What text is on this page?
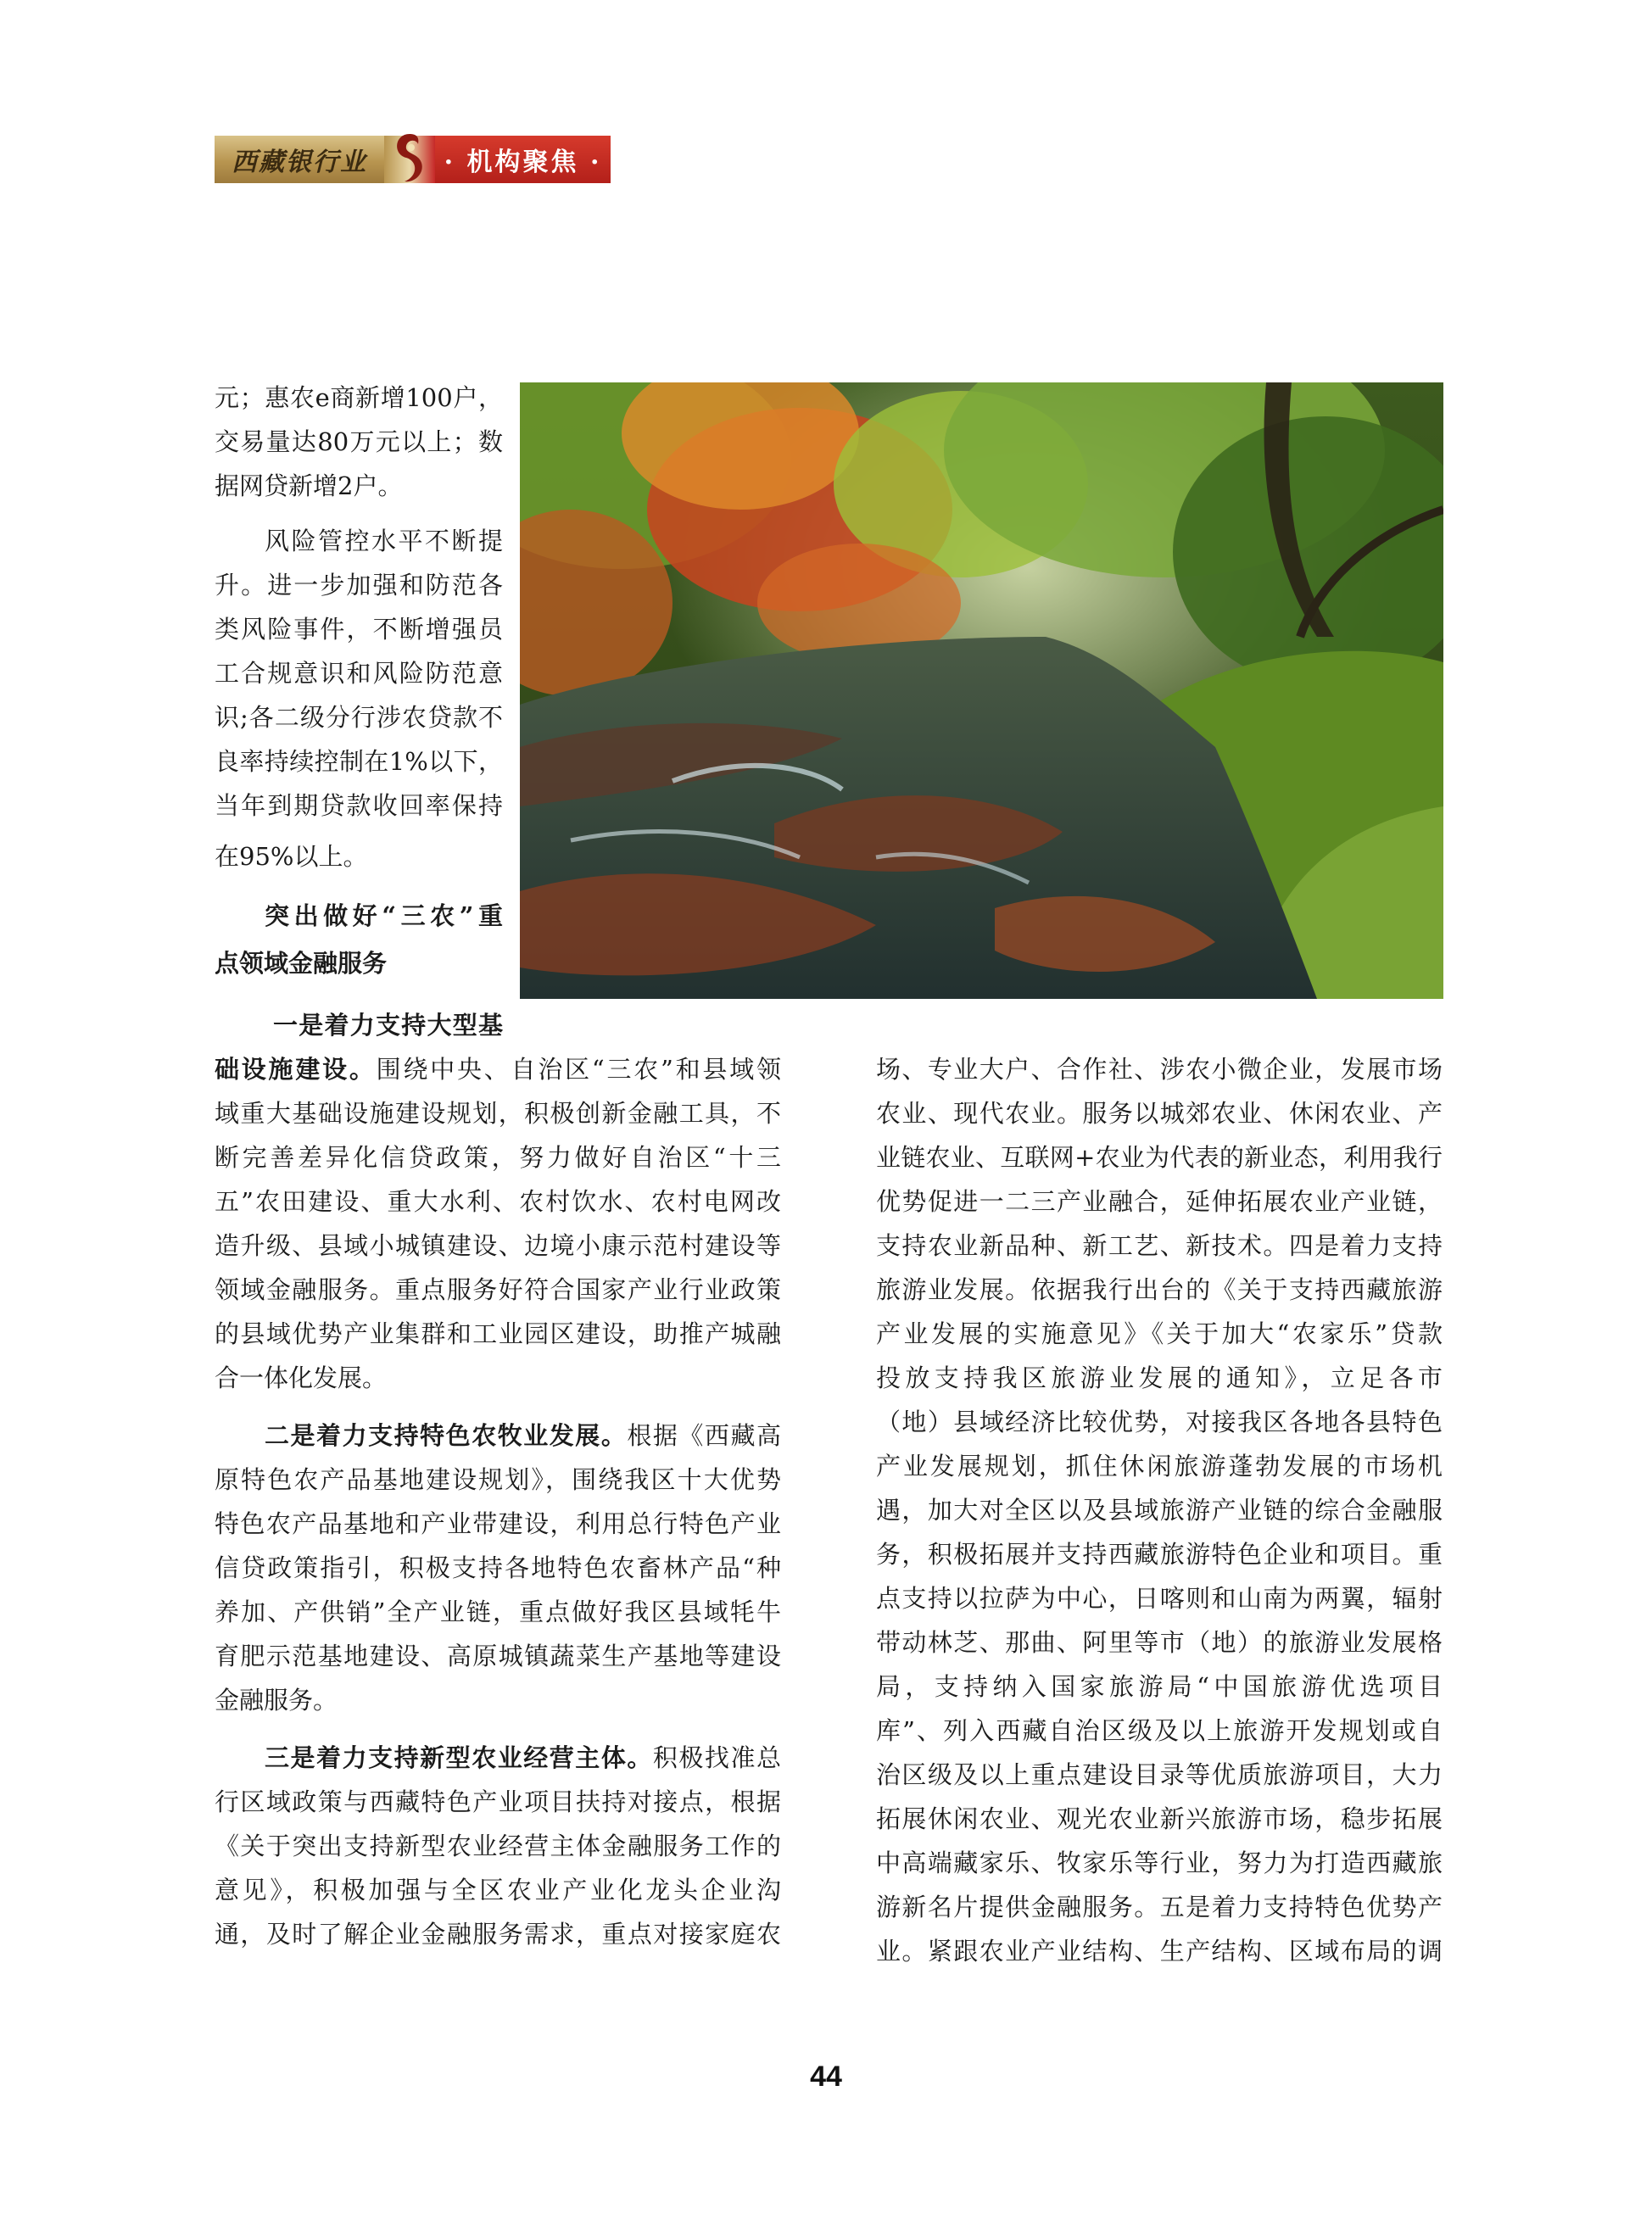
西藏银行业	· 机构聚焦 ·

元；惠农e商新增100户，

交易量达80万元以上；数

据网贷新增2户。

风险管控水平不断提

升。进一步加强和防范各

类风险事件，不断增强员

工合规意识和风险防范意

识;各二级分行涉农贷款不

良率持续控制在1%以下，

当年到期贷款收回率保持

在95%以上。

突出做好“三农”重

点领域金融服务

一是着力支持大型基

础设施建设。围绕中央、自治区“三农”和县域领

域重大基础设施建设规划，积极创新金融工具，不

断完善差异化信贷政策，努力做好自治区“十三

五”农田建设、重大水利、农村饮水、农村电网改

造升级、县域小城镇建设、边境小康示范村建设等

领域金融服务。重点服务好符合国家产业行业政策

的县域优势产业集群和工业园区建设，助推产城融

合一体化发展。

二是着力支持特色农牧业发展。根据《西藏高

原特色农产品基地建设规划》，围绕我区十大优势

特色农产品基地和产业带建设，利用总行特色产业

信贷政策指引，积极支持各地特色农畜林产品“种

养加、产供销”全产业链，重点做好我区县域牦牛

育肥示范基地建设、高原城镇蔬菜生产基地等建设

金融服务。

三是着力支持新型农业经营主体。积极找准总

行区域政策与西藏特色产业项目扶持对接点，根据

《关于突出支持新型农业经营主体金融服务工作的

意见》，积极加强与全区农业产业化龙头企业沟

通，及时了解企业金融服务需求，重点对接家庭农

场、专业大户、合作社、涉农小微企业，发展市场

农业、现代农业。服务以城郊农业、休闲农业、产

业链农业、互联网+农业为代表的新业态，利用我行

优势促进一二三产业融合，延伸拓展农业产业链，

支持农业新品种、新工艺、新技术。四是着力支持

旅游业发展。依据我行出台的《关于支持西藏旅游

产业发展的实施意见》《关于加大“农家乐”贷款

投放支持我区旅游业发展的通知》，立足各市

（地）县域经济比较优势，对接我区各地各县特色

产业发展规划，抓住休闲旅游蓬勃发展的市场机

遇，加大对全区以及县域旅游产业链的综合金融服

务，积极拓展并支持西藏旅游特色企业和项目。重

点支持以拉萨为中心，日喀则和山南为两翼，辐射

带动林芝、那曲、阿里等市（地）的旅游业发展格

局，支持纳入国家旅游局“中国旅游优选项目

库”、列入西藏自治区级及以上旅游开发规划或自

治区级及以上重点建设目录等优质旅游项目，大力

拓展休闲农业、观光农业新兴旅游市场，稳步拓展

中高端藏家乐、牧家乐等行业，努力为打造西藏旅

游新名片提供金融服务。五是着力支持特色优势产

业。紧跟农业产业结构、生产结构、区域布局的调

44
